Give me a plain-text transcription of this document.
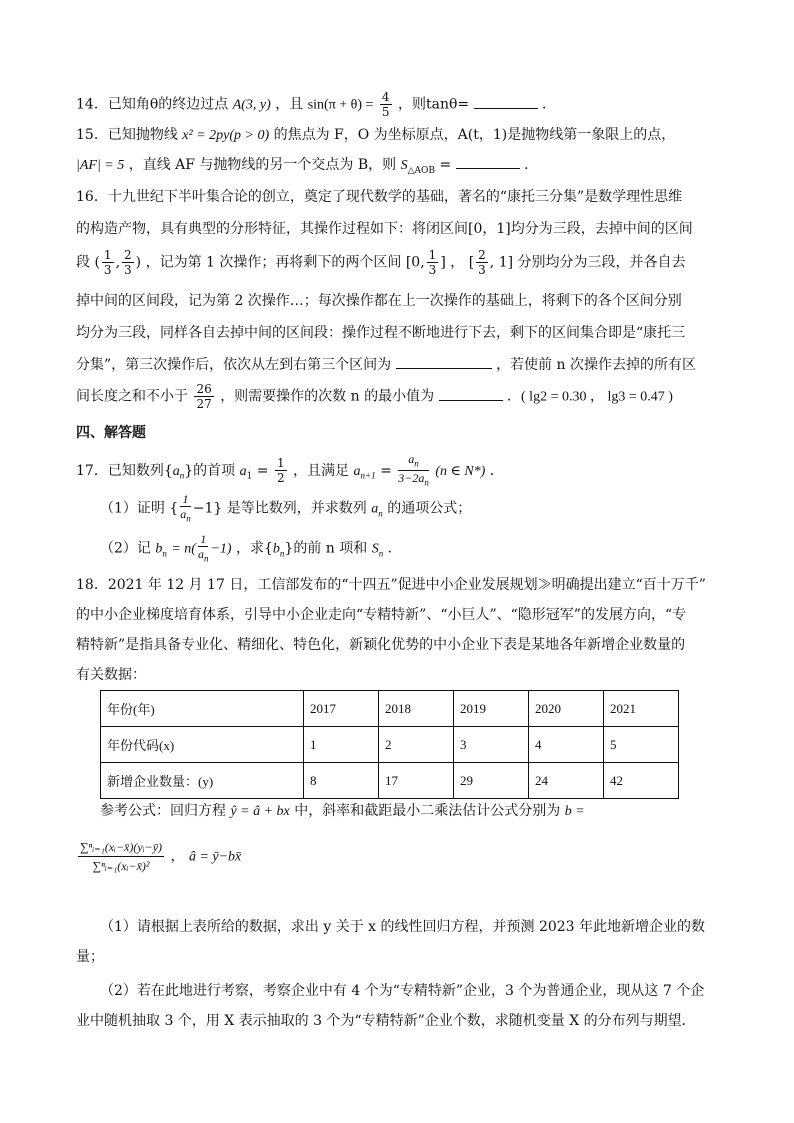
14．已知角θ的终边过点 A(3, y) ，且 $\sin(\pi + \theta) = \frac{4}{5}$ ，则tanθ=	．
15．已知抛物线 x² = 2py(p > 0) 的焦点为 F，O 为坐标原点，A(t，1)是抛物线第一象限上的点，
|AF| = 5 ，直线 AF 与抛物线的另一个交点为 B，则 $S_{\triangle AOB}$ =	．
16．十九世纪下半叶集合论的创立，奠定了现代数学的基础，著名的“康托三分集”是数学理性思维
的构造产物，具有典型的分形特征，其操作过程如下：将闭区间[0，1]均分为三段，去掉中间的区间
段 ( $\frac{1}{3}$ , $\frac{2}{3}$ ) ，记为第 1 次操作；再将剩下的两个区间 [0, $\frac{1}{3}$ ] ， [ $\frac{2}{3}$ , 1] 分别均分为三段，并各自去
掉中间的区间段，记为第 2 次操作…；每次操作都在上一次操作的基础上，将剩下的各个区间分别
均分为三段，同样各自去掉中间的区间段：操作过程不断地进行下去，剩下的区间集合即是“康托三
分集”，第三次操作后，依次从左到右第三个区间为	，若使前 n 次操作去掉的所有区
间长度之和不小于 $\frac{26}{27}$ ，则需要操作的次数 n 的最小值为	．( lg2 = 0.30 ， lg3 = 0.47 )
四、解答题
17．已知数列$\{a_n\}$的首项 $a_1 = \frac{1}{2}$ ，且满足 $a_{n+1} = \frac{a_n}{3-2a_n} (n$ ∈ N*) ．
（1）证明 { $\frac{1}{a_n} -1$} 是等比数列，并求数列 $a_n$ 的通项公式；
（2）记 $b_n = n( \frac{1}{a_n} -1)$ ，求$\{b_n\}$的前 n 项和 $S_n$ ．
18．2021 年 12 月 17 日，工信部发布的“十四五”促进中小企业发展规划≫明确提出建立“百十万千”
的中小企业梯度培育体系，引导中小企业走向“专精特新”、“小巨人”、“隐形冠军”的发展方向，“专
精特新”是指具备专业化、精细化、特色化，新颖化优势的中小企业下表是某地各年新增企业数量的
有关数据：
年份(年)	2017	2018	2019	2020	2021
年份代码(x)	1	2	3	4	5
新增企业数量：(y)	8	17	29	24	42
参考公式：回归方程 ŷ = â + bx 中，斜率和截距最小二乘法估计公式分别为 b =
$\frac{\text{∑ⁿᵢ₌₁(xᵢ−x̄)(yᵢ−ȳ)}}{\text{∑ⁿᵢ₌₁(xᵢ−x̄)²}}$ ， â = ȳ−bx̄
（1）请根据上表所给的数据，求出 y 关于 x 的线性回归方程，并预测 2023 年此地新增企业的数
量；
（2）若在此地进行考察，考察企业中有 4 个为“专精特新”企业，3 个为普通企业，现从这 7 个企
业中随机抽取 3 个，用 X 表示抽取的 3 个为“专精特新”企业个数，求随机变量 X 的分布列与期望．
